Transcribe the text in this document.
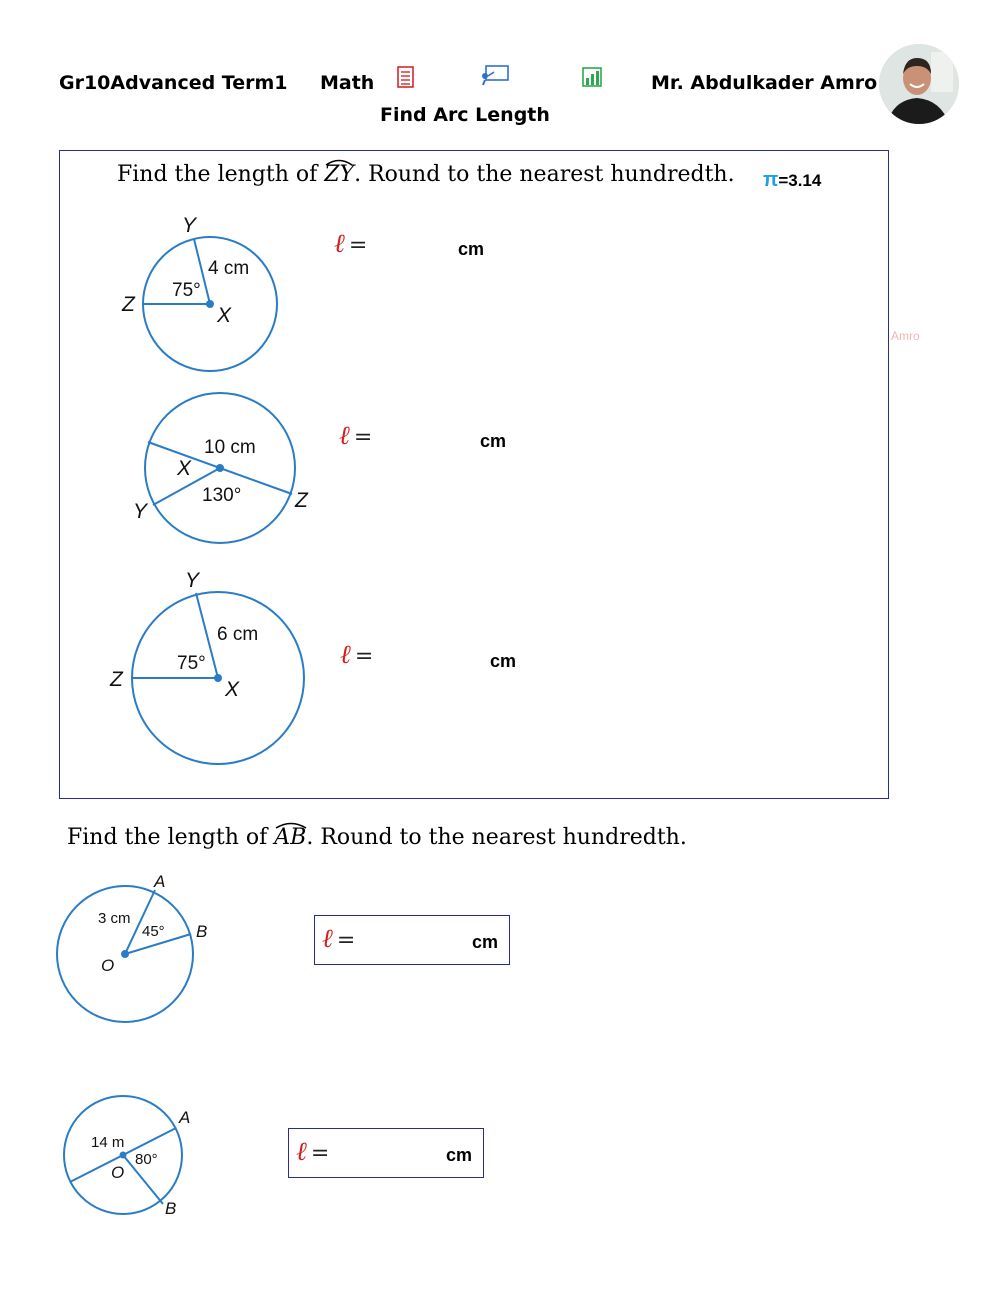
Gr10Advanced Term1 Math	Mr. Abdulkader Amro
Find Arc Length
Find the length of ZY
. Round to the nearest hundredth. π=3.14
Y
4 cm
75°
Z	X
ℓ =	cm
10 cm
X
130°
Y	Z
ℓ =	cm
Y
6 cm
75°
Z	X
ℓ =	cm
Amro
Find the length of AB
. Round to the nearest hundredth.
A
3 cm
45° B
O
ℓ =	cm
A
14 m
80°
O
B
ℓ =	cm
